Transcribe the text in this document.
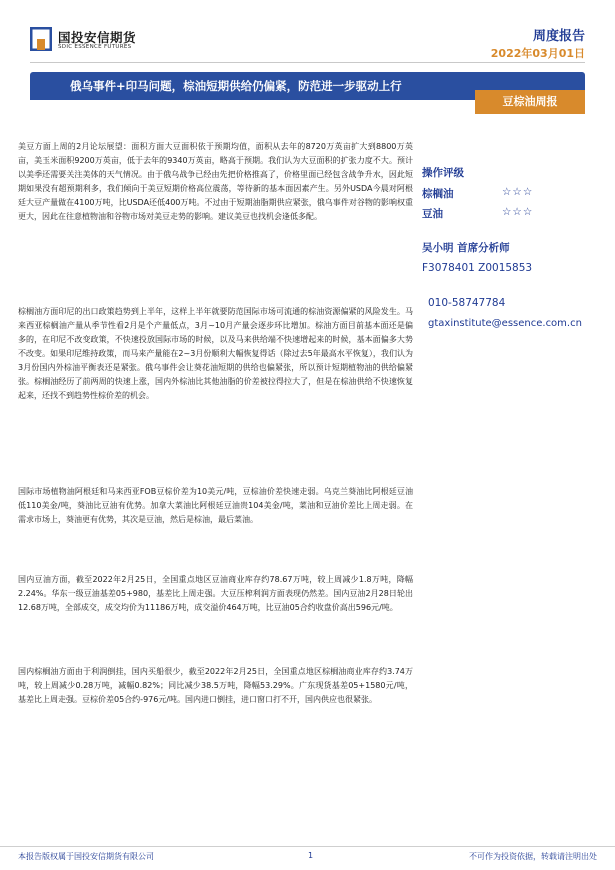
国投安信期货
SDIC ESSENCE FUTURES
周度报告
2022年03月01日
俄乌事件+印马问题，棕油短期供给仍偏紧，防范进一步驱动上行
豆棕油周报

美豆方面上周的2月论坛展望：面积方面大豆面积依于预期均值，面积从去年的8720万英亩扩大到8800万英亩，美玉米面积9200万英亩，低于去年的9340万英亩，略高于预期。我们认为大豆面积的扩张力度不大。预计以美季还需要关注美体的天气情况。由于俄乌战争已经由先把价格推高了，价格里面已经包含战争升水，因此短期如果没有超预期利多，我们倾向于美豆短期价格高位震荡，等待新的基本面因素产生。另外USDA今晨对阿根廷大豆产量做在4100万吨，比USDA还低400万吨。不过由于短期油脂期供应紧张，俄乌事件对谷物的影响权重更大，因此在往意植物油和谷物市场对美豆走势的影响。建议美豆也找机会逢低多配。

棕榈油方面印尼的出口政策趋势到上半年，这样上半年就要防范国际市场可流通的棕油资源偏紧的风险发生。马来西亚棕榈油产量从季节性看2月是个产量低点，3月~10月产量会逐步环比增加。棕油方面目前基本面还是偏多的，在印尼不改变政策，不快速投放国际市场的时候，以及马来供给端不快速增起来的时候，基本面偏多大势不改变。如果印尼维持政策，而马来产量能在2~3月份顺利大幅恢复得话（除过去5年最高水平恢复），我们认为3月份国内外棕油平衡表还是紧张。俄乌事件会让葵花油短期的供给也偏紧张，所以预计短期植物油的供给偏紧张。棕榈油经历了前两周的快速上涨，国内外棕油比其他油脂的价差被拉得拉大了，但是在棕油供给不快速恢复起来，还找不到趋势性棕价差的机会。

国际市场植物油阿根廷和马来西亚FOB豆棕价差为10美元/吨，豆棕油价差快速走弱。乌克兰葵油比阿根廷豆油低110美金/吨，葵油比豆油有优势。加拿大菜油比阿根廷豆油贵104美金/吨，菜油和豆油价差比上周走弱。在需求市场上，葵油更有优势，其次是豆油，然后是棕油，最后菜油。

国内豆油方面，截至2022年2月25日，全国重点地区豆油商业库存约78.67万吨，较上周减少1.8万吨，降幅2.24%。华东一级豆油基差05+980，基差比上周走强。大豆压榨利润方面表现仍然差。国内豆油2月28日轮出12.68万吨，全部成交，成交均价为11186万吨，成交溢价464万吨，比豆油05合约收盘价高出596元/吨。

国内棕榈油方面由于利润倒挂，国内买船很少，截至2022年2月25日，全国重点地区棕榈油商业库存约3.74万吨，较上周减少0.28万吨，减幅0.82%；同比减少38.5万吨，降幅53.29%。广东现货基差05+1580元/吨，基差比上周走强。豆棕价差05合约-976元/吨。国内进口倒挂，进口窗口打不开，国内供应也很紧张。

操作评级
棕榈油	☆☆☆
豆油	☆☆☆
吴小明 首席分析师
F3078401 Z0015853
010-58747784
gtaxinstitute@essence.com.cn
本报告版权属于国投安信期货有限公司	1	不可作为投资依据，转载请注明出处
